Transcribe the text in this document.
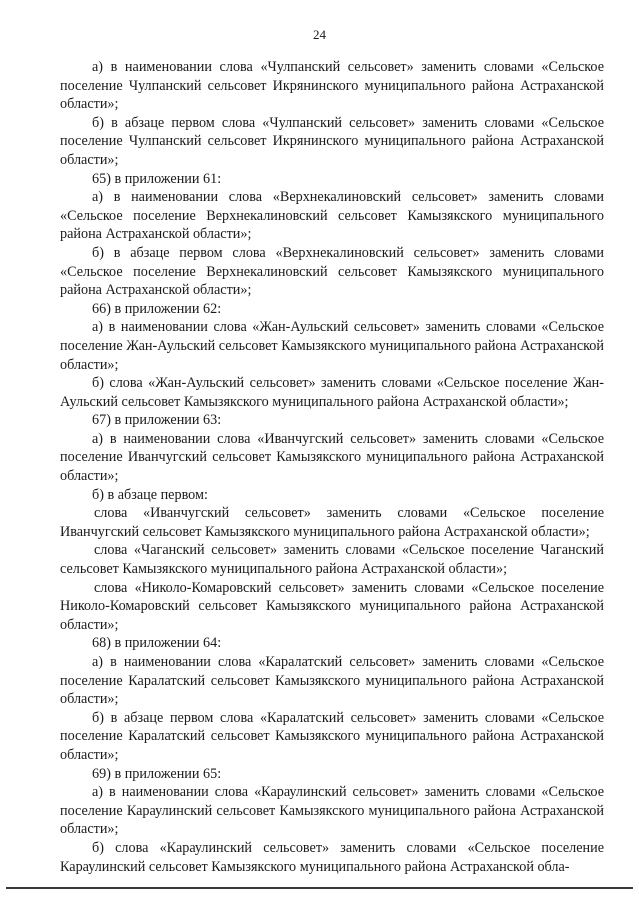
24

а) в наименовании слова «Чулпанский сельсовет» заменить словами «Сельское поселение Чулпанский сельсовет Икрянинского муниципального района Астраханской области»;

б) в абзаце первом слова «Чулпанский сельсовет» заменить словами «Сельское поселение Чулпанский сельсовет Икрянинского муниципального района Астраханской области»;

65) в приложении 61:

а) в наименовании слова «Верхнекалиновский сельсовет» заменить словами «Сельское поселение Верхнекалиновский сельсовет Камызякского муниципального района Астраханской области»;

б) в абзаце первом слова «Верхнекалиновский сельсовет» заменить словами «Сельское поселение Верхнекалиновский сельсовет Камызякского муниципального района Астраханской области»;

66) в приложении 62:

а) в наименовании слова «Жан-Аульский сельсовет» заменить словами «Сельское поселение Жан-Аульский сельсовет Камызякского муниципального района Астраханской области»;

б) слова «Жан-Аульский сельсовет» заменить словами «Сельское поселение Жан-Аульский сельсовет Камызякского муниципального района Астраханской области»;

67) в приложении 63:

а) в наименовании слова «Иванчугский сельсовет» заменить словами «Сельское поселение Иванчугский сельсовет Камызякского муниципального района Астраханской области»;

б) в абзаце первом:

слова «Иванчугский сельсовет» заменить словами «Сельское поселение Иванчугский сельсовет Камызякского муниципального района Астраханской области»;

слова «Чаганский сельсовет» заменить словами «Сельское поселение Чаганский сельсовет Камызякского муниципального района Астраханской области»;

слова «Николо-Комаровский сельсовет» заменить словами «Сельское поселение Николо-Комаровский сельсовет Камызякского муниципального района Астраханской области»;

68) в приложении 64:

а) в наименовании слова «Каралатский сельсовет» заменить словами «Сельское поселение Каралатский сельсовет Камызякского муниципального района Астраханской области»;

б) в абзаце первом слова «Каралатский сельсовет» заменить словами «Сельское поселение Каралатский сельсовет Камызякского муниципального района Астраханской области»;

69) в приложении 65:

а) в наименовании слова «Караулинский сельсовет» заменить словами «Сельское поселение Караулинский сельсовет Камызякского муниципального района Астраханской области»;

б) слова «Караулинский сельсовет» заменить словами «Сельское поселение Караулинский сельсовет Камызякского муниципального района Астраханской обла-
